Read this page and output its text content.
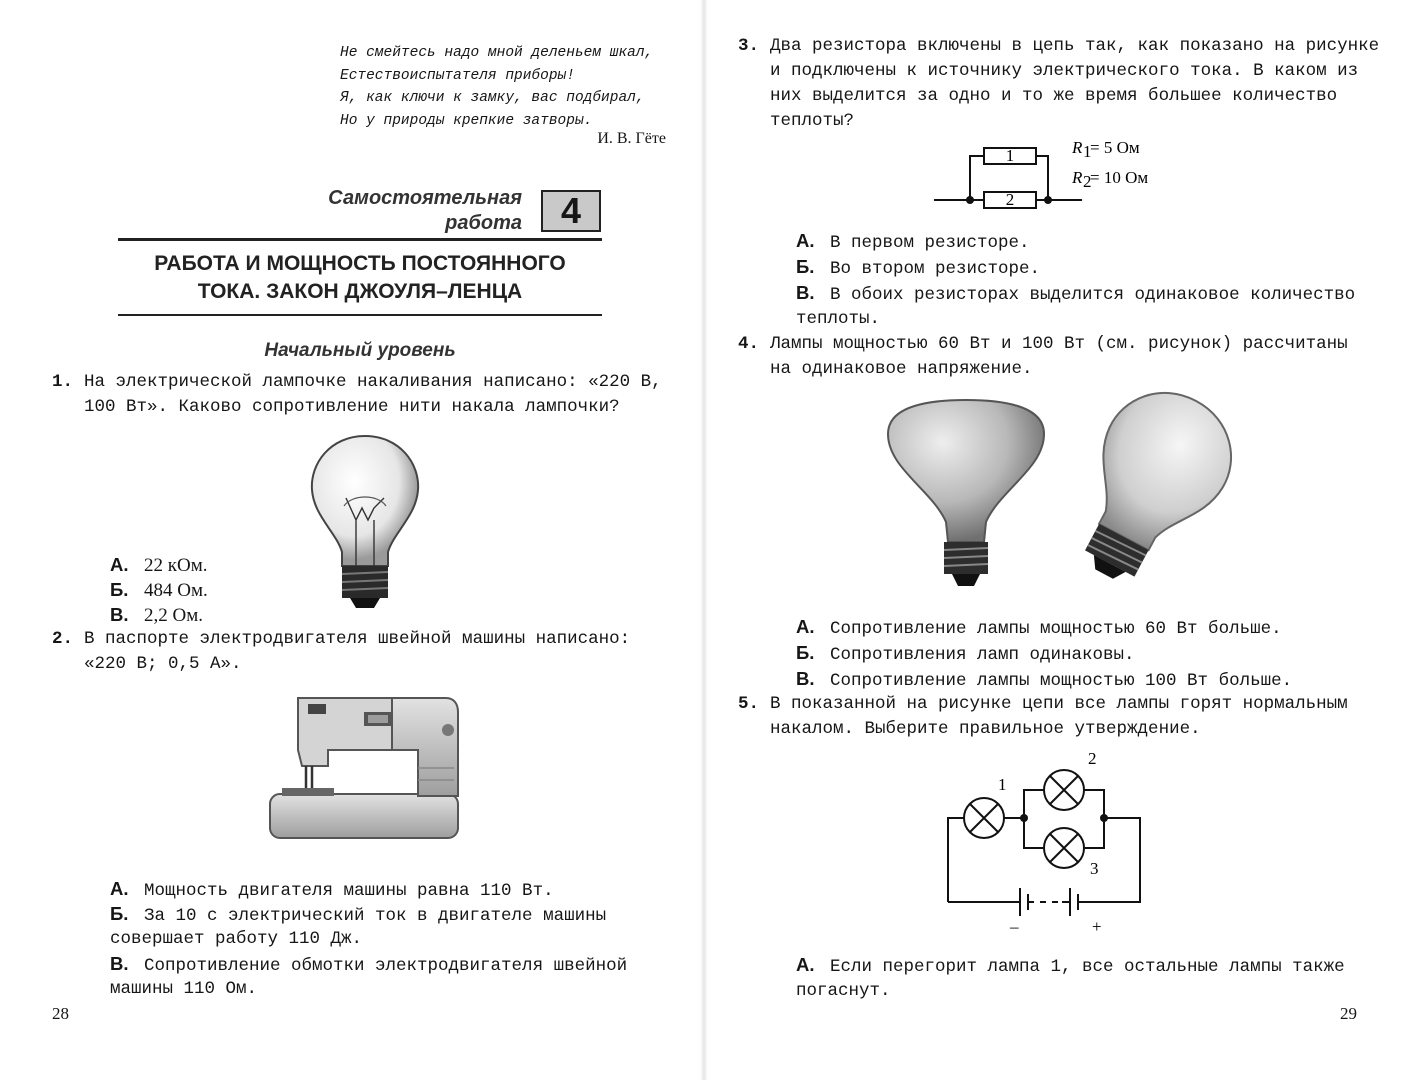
Не смейтесь надо мной деленьем шкал,
Естествоиспытателя приборы!
Я, как ключи к замку, вас подбирал,
Но у природы крепкие затворы.
И. В. Гёте
Самостоятельная
работа	4
РАБОТА И МОЩНОСТЬ ПОСТОЯННОГО
ТОКА. ЗАКОН ДЖОУЛЯ–ЛЕНЦА
Начальный уровень
1. На электрической лампочке накаливания написано: «220 В,
100 Вт». Каково сопротивление нити накала лампочки?
А. 22 кОм.
Б. 484 Ом.
В. 2,2 Ом.
2. В паспорте электродвигателя швейной машины написано:
«220 В; 0,5 А».
А. Мощность двигателя машины равна 110 Вт.
Б. За 10 с электрический ток в двигателе машины
совершает работу 110 Дж.
В. Сопротивление обмотки электродвигателя швейной
машины 110 Ом.
28
3. Два резистора включены в цепь так, как показано на рисунке
и подключены к источнику электрического тока. В каком из
них выделится за одно и то же время большее количество
теплоты?
1
2
R 1
= 5 Ом
R 2
= 10 Ом
А. В первом резисторе.
Б. Во втором резисторе.
В. В обоих резисторах выделится одинаковое количество
теплоты.
4. Лампы мощностью 60 Вт и 100 Вт (см. рисунок) рассчитаны
на одинаковое напряжение.
А. Сопротивление лампы мощностью 60 Вт больше.
Б. Сопротивления ламп одинаковы.
В. Сопротивление лампы мощностью 100 Вт больше.
5. В показанной на рисунке цепи все лампы горят нормальным
накалом. Выберите правильное утверждение.
1
2
3
–	+
А. Если перегорит лампа 1, все остальные лампы также
погаснут.
29
